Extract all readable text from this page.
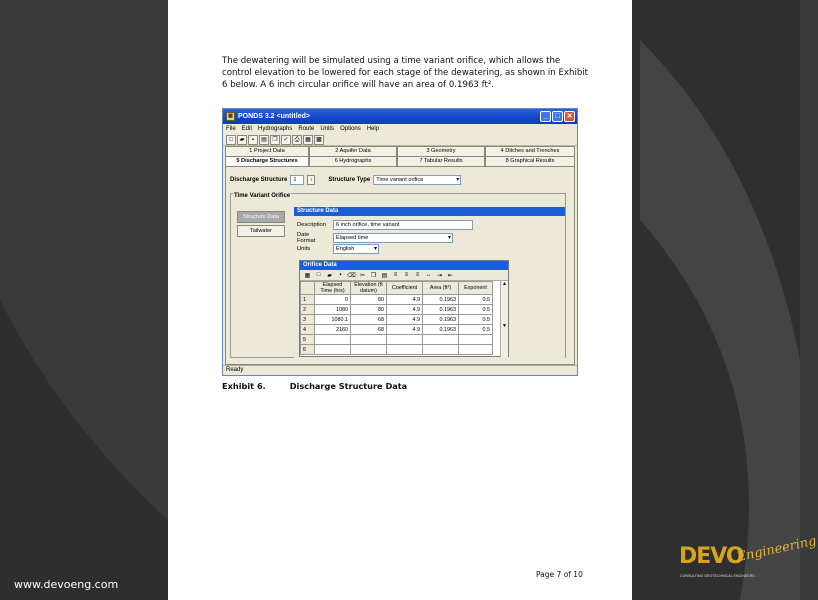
The dewatering will be simulated using a time variant orifice, which allows the control elevation to be lowered for each stage of the dewatering, as shown in Exhibit 6 below. A 6 inch circular orifice will have an area of 0.1963 ft².
▦ PONDS 3.2 <untitled>	_	□ ✕
File Edit Hydrographs Route Units Options Help
□	▰	▪	▤ ❐ ✓	⎙ ▦ ▩
1 Project Data	2 Aquifer Data	3 Geometry	4 Ditches and Trenches
5 Discharge Structures	6 Hydrographs	7 Tabular Results	8 Graphical Results
Discharge Structure	1	↕	Structure Type	Time variant orifice ▾
Time Variant Orifice
Structure Data
Tailwater
Structure Data
Description	6 inch orifice, time variant
Date Format	Elapsed time ▾
Units	English ▾
Orifice Data
▦	□	▰	▪ ⌫ ✂ ❐ ▤	≡	≡	≡	↔ ⇥ ⇤
	Elapsed Time (hrs)	Elevation (ft datum)	Coefficient	Area (ft²)	Exponent
1	0	80	4.9	0.1963	0.5
2	1080	80	4.9	0.1963	0.5
3	1080.1	68	4.9	0.1963	0.5
4	2160	68	4.9	0.1963	0.5
5					
6					
▲

▼
Ready
Exhibit 6.	Discharge Structure Data
Page 7 of 10
www.devoeng.com
DEVO
Engineering
CONSULTING GEOTECHNICAL ENGINEERS
